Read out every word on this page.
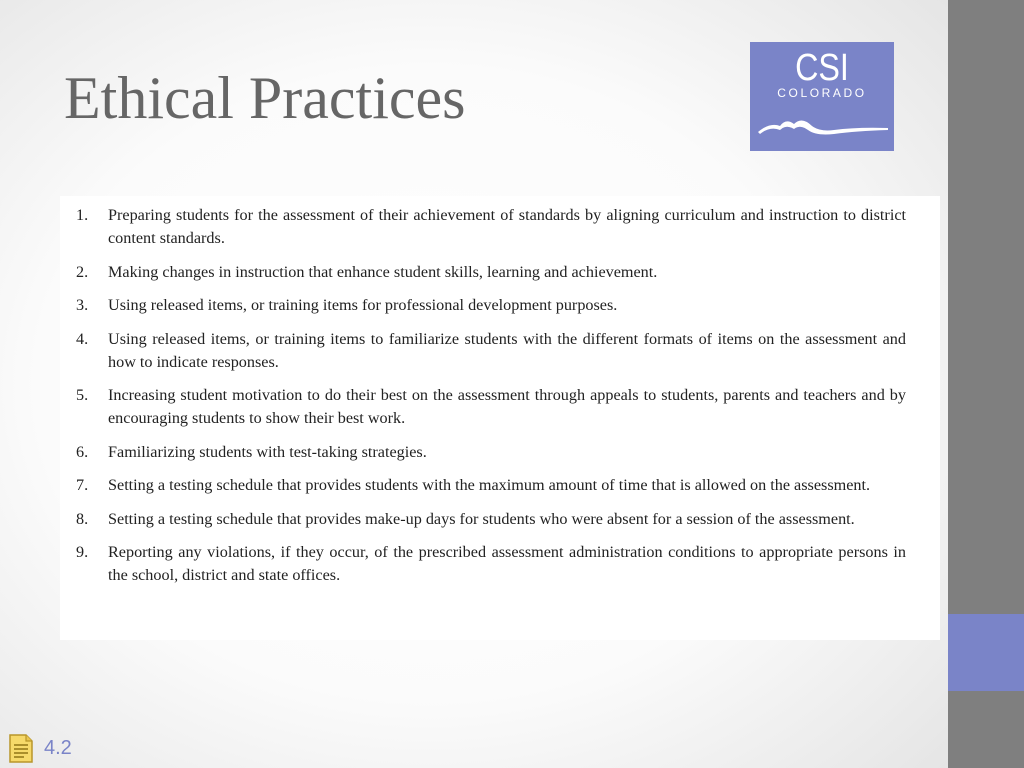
Ethical Practices	CSI
COLORADO
1.	Preparing students for the assessment of their achievement of standards by aligning curriculum and instruction to district content standards.
2.	Making changes in instruction that enhance student skills, learning and achievement.
3.	Using released items, or training items for professional development purposes.
4.	Using released items, or training items to familiarize students with the different formats of items on the assessment and how to indicate responses.
5.	Increasing student motivation to do their best on the assessment through appeals to students, parents and teachers and by encouraging students to show their best work.
6.	Familiarizing students with test-taking strategies.
7.	Setting a testing schedule that provides students with the maximum amount of time that is allowed on the assessment.
8.	Setting a testing schedule that provides make-up days for students who were absent for a session of the assessment.
9.	Reporting any violations, if they occur, of the prescribed assessment administration conditions to appropriate persons in the school, district and state offices.
4.2
